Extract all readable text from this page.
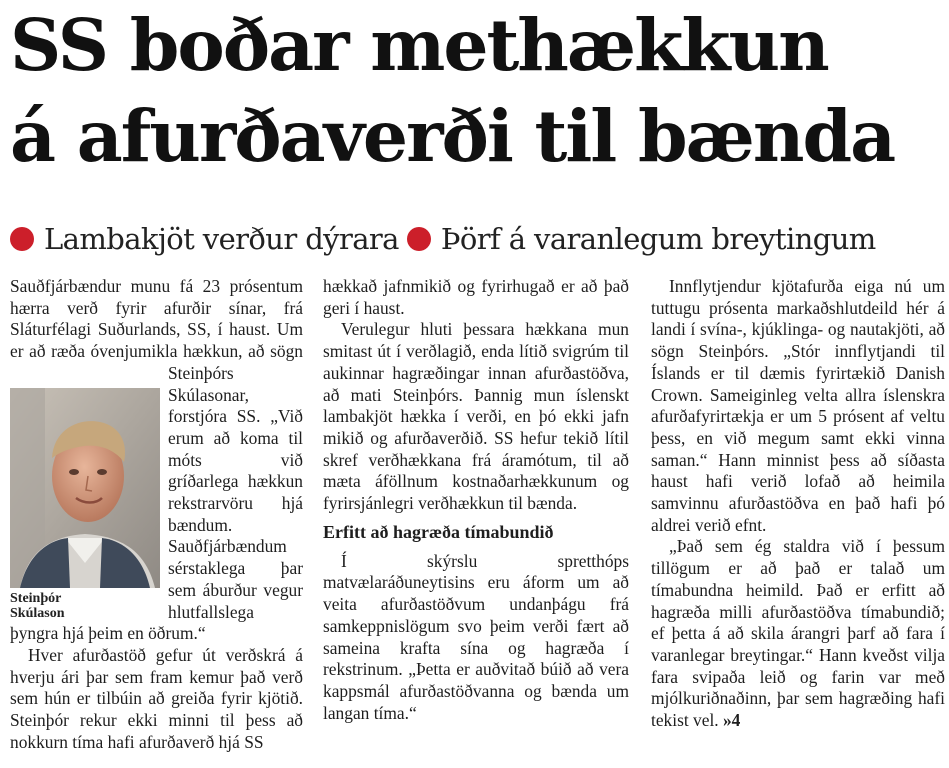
SS boðar methækkun
á afurðaverði til bænda
Lambakjöt verður dýrara Þörf á varanlegum breytingum
Steinþór
Skúlason

Sauðfjárbændur munu fá 23 prósentum hærra verð fyrir afurðir sínar, frá Sláturfélagi Suðurlands, SS, í haust. Um er að ræða óvenjumikla hækkun, að sögn Steinþórs Skúlasonar, forstjóra SS. „Við erum að koma til móts við gríðarlega hækkun rekstrarvöru hjá bændum. Sauðfjárbændum sérstaklega þar sem áburður vegur hlutfallslega þyngra hjá þeim en öðrum.“

Hver afurðastöð gefur út verðskrá á hverju ári þar sem fram kemur það verð sem hún er tilbúin að greiða fyrir kjötið. Steinþór rekur ekki minni til þess að nokkurn tíma hafi afurðaverð hjá SS

hækkað jafnmikið og fyrirhugað er að það geri í haust.

Verulegur hluti þessara hækkana mun smitast út í verðlagið, enda lítið svigrúm til aukinnar hagræðingar innan afurðastöðva, að mati Steinþórs. Þannig mun íslenskt lambakjöt hækka í verði, en þó ekki jafn mikið og afurðaverðið. SS hefur tekið lítil skref verðhækkana frá áramótum, til að mæta áföllnum kostnaðarhækkunum og fyrirsjánlegri verðhækkun til bænda.

Erfitt að hagræða tímabundið

Í skýrslu spretthóps matvælaráðuneytisins eru áform um að veita afurðastöðvum undanþágu frá samkeppnislögum svo þeim verði fært að sameina krafta sína og hagræða í rekstrinum. „Þetta er auðvitað búið að vera kappsmál afurðastöðvanna og bænda um langan tíma.“

Innflytjendur kjötafurða eiga nú um tuttugu prósenta markaðshlutdeild hér á landi í svína-, kjúklinga- og nautakjöti, að sögn Steinþórs. „Stór innflytjandi til Íslands er til dæmis fyrirtækið Danish Crown. Sameiginleg velta allra íslenskra afurðafyrirtækja er um 5 prósent af veltu þess, en við megum samt ekki vinna saman.“ Hann minnist þess að síðasta haust hafi verið lofað að heimila samvinnu afurðastöðva en það hafi þó aldrei verið efnt.

„Það sem ég staldra við í þessum tillögum er að það er talað um tímabundna heimild. Það er erfitt að hagræða milli afurðastöðva tímabundið; ef þetta á að skila árangri þarf að fara í varanlegar breytingar.“ Hann kveðst vilja fara svipaða leið og farin var með mjólkuriðnaðinn, þar sem hagræðing hafi tekist vel. »4
